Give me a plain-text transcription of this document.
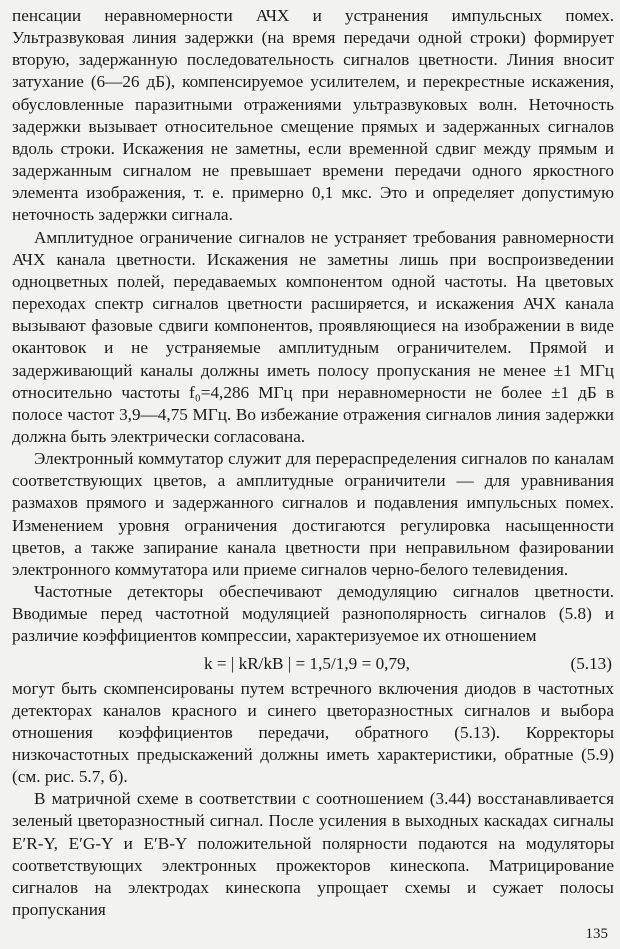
пенсации неравномерности АЧХ и устранения импульсных помех. Ультразвуковая линия задержки (на время передачи одной строки) формирует вторую, задержанную последовательность сигналов цветности. Линия вносит затухание (6—26 дБ), компенсируемое усилителем, и перекрестные искажения, обусловленные паразитными отражениями ультразвуковых волн. Неточность задержки вызывает относительное смещение прямых и задержанных сигналов вдоль строки. Искажения не заметны, если временной сдвиг между прямым и задержанным сигналом не превышает времени передачи одного яркостного элемента изображения, т. е. примерно 0,1 мкс. Это и определяет допустимую неточность задержки сигнала.

Амплитудное ограничение сигналов не устраняет требования равномерности АЧХ канала цветности. Искажения не заметны лишь при воспроизведении одноцветных полей, передаваемых компонентом одной частоты. На цветовых переходах спектр сигналов цветности расширяется, и искажения АЧХ канала вызывают фазовые сдвиги компонентов, проявляющиеся на изображении в виде окантовок и не устраняемые амплитудным ограничителем. Прямой и задерживающий каналы должны иметь полосу пропускания не менее ±1 МГц относительно частоты f₀=4,286 МГц при неравномерности не более ±1 дБ в полосе частот 3,9—4,75 МГц. Во избежание отражения сигналов линия задержки должна быть электрически согласована.

Электронный коммутатор служит для перераспределения сигналов по каналам соответствующих цветов, а амплитудные ограничители — для уравнивания размахов прямого и задержанного сигналов и подавления импульсных помех. Изменением уровня ограничения достигаются регулировка насыщенности цветов, а также запирание канала цветности при неправильном фазировании электронного коммутатора или приеме сигналов черно-белого телевидения.

Частотные детекторы обеспечивают демодуляцию сигналов цветности. Вводимые перед частотной модуляцией разнополярность сигналов (5.8) и различие коэффициентов компрессии, характеризуемое их отношением

k = | kR/kB | = 1,5/1,9 = 0,79,	(5.13)

могут быть скомпенсированы путем встречного включения диодов в частотных детекторах каналов красного и синего цветоразностных сигналов и выбора отношения коэффициентов передачи, обратного (5.13). Корректоры низкочастотных предыскажений должны иметь характеристики, обратные (5.9) (см. рис. 5.7, б).

В матричной схеме в соответствии с соотношением (3.44) восстанавливается зеленый цветоразностный сигнал. После усиления в выходных каскадах сигналы E′R-Y, E′G-Y и E′B-Y положительной полярности подаются на модуляторы соответствующих электронных прожекторов кинескопа. Матрицирование сигналов на электродах кинескопа упрощает схемы и сужает полосы пропускания

135
